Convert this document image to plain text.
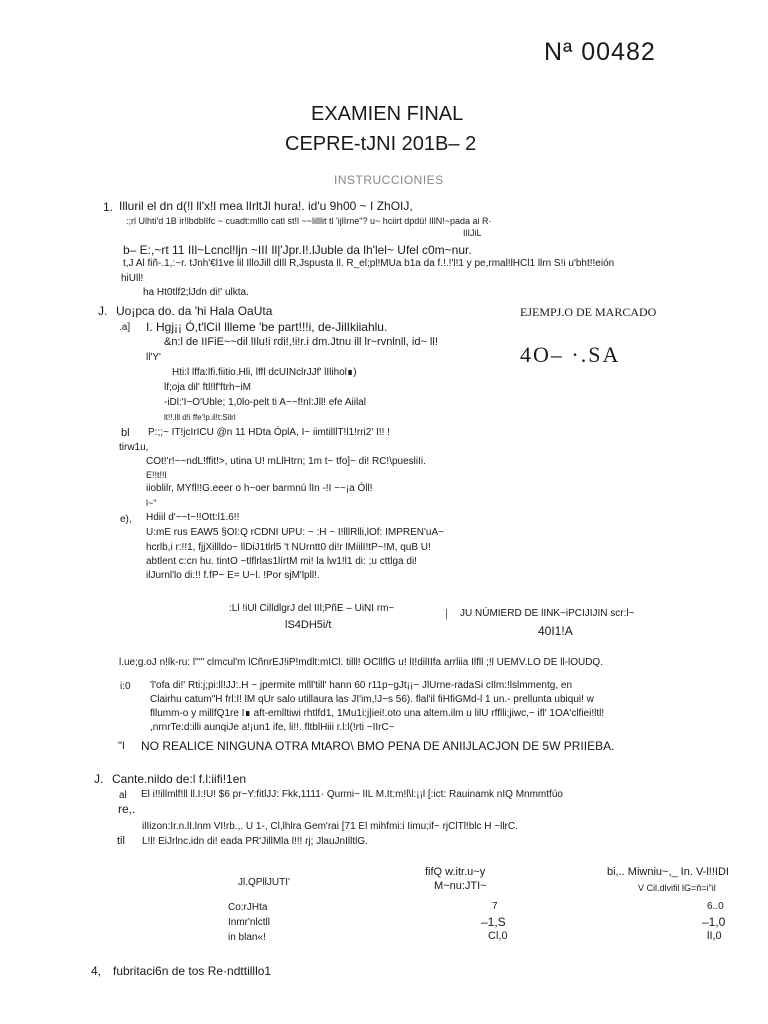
Nª 00482
EXAMIEN FINAL
CEPRE-tJNI 201B– 2
INSTRUCCIONIES
1. Illuril el dn d(!l ll'x!l mea lIrltJl hura!. id'u 9h00 ~ I ZhOIJ,
:;rl Ulhti'd 1B ir!lbdblIfc ~ cuadt:mlllo catl st!l ~~lilllit tl 'ijlIrne"? u~ hciirt dpdü! lIlN!~pada ai R·
IlIJiL
b– E:,~rt 11 IIl~Lcncl!ljn ~III Il|'Jpr.I!.lJuble da lh'lel~ Ufel c0m~nur.
t,J Al fiñ-.1,:~r. tJnh'€l1ve lil IlloJill dIll R,Jspusta ll. R_el;pl!MUa b1a da f.!.!'l!1 y pe,rmal!lHCl1 llrn S!i u'bht!!eión
hiUll!
ha Ht0tlf2;lJdn di!' ulkta.
J. Uo¡pca do. da 'hi Hala OaUta	EJEMPJ.O DE MARCADO
4O– ·.SA
.a] I. Hgj¡¡ Ó,t'lCiI llleme 'be part!!!i, de-JilIkiiahlu.
&n:l de IIFiE~~dil lIlu!i rdi!,!i!r.i dm.Jtnu ill lr~rvnlnll, id~ ll!
ll'Y'
Hti:l lffa:lfi.fiitio.Hli, lffl dcUINclrJJf' lIlihol∎)
lf;oja dil' ftl!lf'ftrh~iM
-iDl:'I~O'Uble; 1,0lo-pelt ti A~~f!nl:Jll! efe Aiilal
lt!!.lll d!i ffe'!p.il!t:Silrl
bl P:;;~ IT!jcIrICU @n 11 HDta ÓplA, I~ iimtilllT!l1!rri2' I!! !
tirw1u,
COt!'r!~~ndL!ffit!>, utina U! mLlHtrn; 1m t~ tfo]~ di! RC!\puesliIi.
E!!t!!l
iioblilr, MYfl!!G.eeer o h~oer barmnú lIn -!I ~~¡a Óll!
l~"
e), Hdiil d'~~t~!!Ott:l1.6!!
U:mE rus EAW5 §OI:Q rCDNI UPU: ~ :H ~ I!lllRlli,lOf: IMPREN'uA~
hcrlb,i r:!!1, fjjXillldo~ llDiJ1tlrl5 't NUrntt0 di!r lMiilI!tP~!M, quB U!
abtlent c:cn hu. tintO ~tlflrlas1lírtM mi! la lw1!l1 di: ;u cttlga di!
ilJurnl'lo di:!! f.fP~ E= U~l. !Por sjM'lpll!.
:Ll !iUl CilldlgrJ del IIl;PñE – UiNI rm~
lS4DH5i/t
| JU NÚMIERD DE lINK~iPCIJIJIN scr:l~
40I1!A
l.ue;g.oJ n!lk-ru: l"'" clmcul'm lCñnrEJ!iP!mdlt:mICl. tilll! OCllflG u! lI!dilIIfa arrliia Ilfll ;!l UEMV.LO DE ll-lOUDQ.
i:0 'l'ofa di!' Rti:j;pi:ll!JJ:.H ~ jpermite mlll'till' hann 60 r11p~gJt¡¡~ JlUrne-radaSi cIlm:!lslmmentg, en
Clairhu catum"H frl:I! lM qUr salo utillaura las JI'im,!J~s 56). flal'il fiHfiGMd-l 1 un.- prellunta ubiqui! w
fllumm-o y millfQ1re I∎ aft-emlltiwi rhtlfd1, 1Mu1i:j|iei!.oto una altem.ilm u lilU rfflli;jiwc,~ ifl' 1OA'clfiei!ltl!
,nrnrTe:d:illi aunqiJe a!¡un1 ife, li!!. fltblHiii r.l:l(!rti ~IIrC~
"I NO REALICE NINGUNA OTRA MtARO\ BMO PENA DE ANIIJLACJON DE 5W PRIIEBA.
J. Cante.nildo de:l f.l:iifi!1en
al El i!!illmlf!ll ll.I:!U! $6 pr~Y:fitlJJ: Fkk,1111· Qurmi~ lIL M.It:m!l\l:¡¡l [:ict: Rauinamk nIQ Mnmmtfúo
re,.
ilIizon:Ir.n.lI.lnm VI!rb.,. U 1-, Cl,lhlra Gem'rai [71 El mihfmi:i Iimu;if~ rjClTl!blc H ~llrC.
til L!l! EiJrlnc.idn di! eada PR'JillMla l!!! rj; JlauJnIlltlG.
Jl.QPllJUTI'
fifQ w.itr.u~y
M~nu:JTI~
bi,.. Miwniu~,_ In. V-l!!IDI
V Cil.dlvifil lG=ñ=i"il
Co:rJHta	7	6..0
Inmr'nlctll	–1,S	–1,0
in blan«!	Cl,0	lI,0
4, fubritaci6n de tos Re·ndttilllo1
